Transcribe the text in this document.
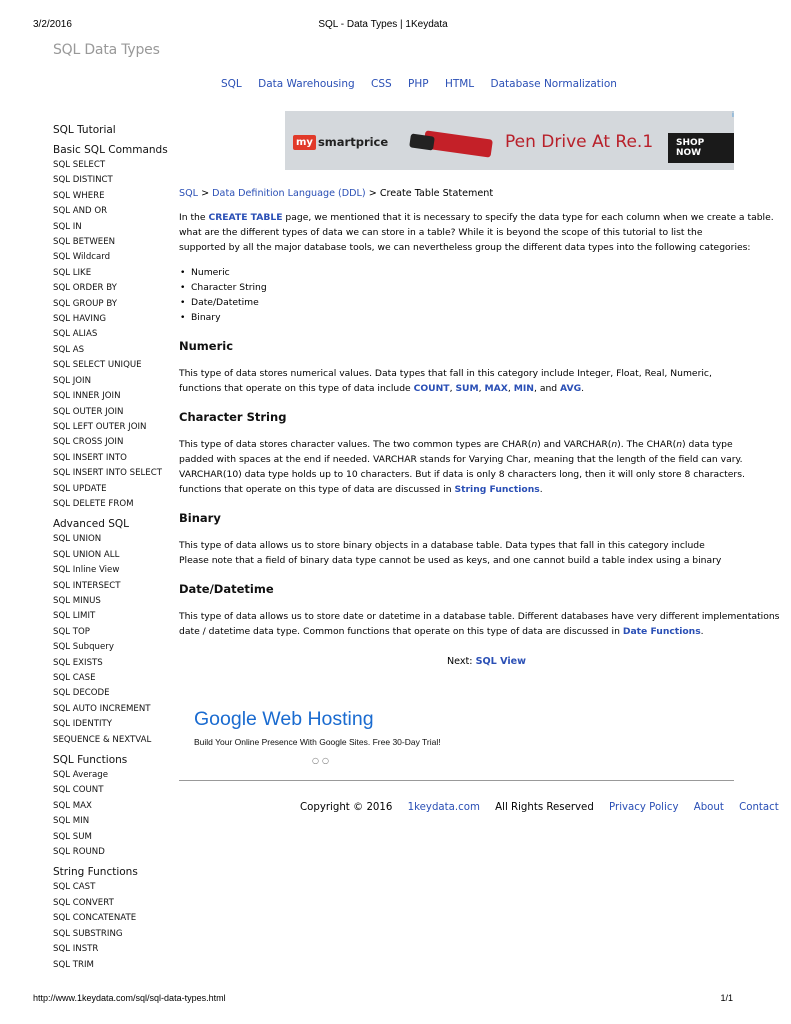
3/2/2016	SQL - Data Types | 1Keydata
SQL Data Types
SQL Data Warehousing CSS PHP HTML Database Normalization
SQL Tutorial
Basic SQL Commands
SQL SELECT
SQL DISTINCT
SQL WHERE
SQL AND OR
SQL IN
SQL BETWEEN
SQL Wildcard
SQL LIKE
SQL ORDER BY
SQL GROUP BY
SQL HAVING
SQL ALIAS
SQL AS
SQL SELECT UNIQUE
SQL JOIN
SQL INNER JOIN
SQL OUTER JOIN
SQL LEFT OUTER JOIN
SQL CROSS JOIN
SQL INSERT INTO
SQL INSERT INTO SELECT
SQL UPDATE
SQL DELETE FROM
Advanced SQL
SQL UNION
SQL UNION ALL
SQL Inline View
SQL INTERSECT
SQL MINUS
SQL LIMIT
SQL TOP
SQL Subquery
SQL EXISTS
SQL CASE
SQL DECODE
SQL AUTO INCREMENT
SQL IDENTITY
SEQUENCE & NEXTVAL
SQL Functions
SQL Average
SQL COUNT
SQL MAX
SQL MIN
SQL SUM
SQL ROUND
String Functions
SQL CAST
SQL CONVERT
SQL CONCATENATE
SQL SUBSTRING
SQL INSTR
SQL TRIM
my smartprice	Pen Drive At Re.1	SHOP NOW
i
SQL > Data Definition Language (DDL) > Create Table Statement

In the CREATE TABLE page, we mentioned that it is necessary to specify the data type for each column when we create a table.

what are the different types of data we can store in a table? While it is beyond the scope of this tutorial to list the

supported by all the major database tools, we can nevertheless group the different data types into the following categories:

• Numeric
• Character String
• Date/Datetime
• Binary
Numeric

This type of data stores numerical values. Data types that fall in this category include Integer, Float, Real, Numeric,

functions that operate on this type of data include COUNT, SUM, MAX, MIN, and AVG.

Character String

This type of data stores character values. The two common types are CHAR(n) and VARCHAR(n). The CHAR(n) data type

padded with spaces at the end if needed. VARCHAR stands for Varying Char, meaning that the length of the field can vary.

VARCHAR(10) data type holds up to 10 characters. But if data is only 8 characters long, then it will only store 8 characters.

functions that operate on this type of data are discussed in String Functions.

Binary

This type of data allows us to store binary objects in a database table. Data types that fall in this category include

Please note that a field of binary data type cannot be used as keys, and one cannot build a table index using a binary

Date/Datetime

This type of data allows us to store date or datetime in a database table. Different databases have very different implementations

date / datetime data type. Common functions that operate on this type of data are discussed in Date Functions.

Next: SQL View
Google Web Hosting
Build Your Online Presence With Google Sites. Free 30-Day Trial!
○○
Copyright © 2016 1keydata.com All Rights Reserved Privacy Policy About Contact
http://www.1keydata.com/sql/sql-data-types.html	1/1
